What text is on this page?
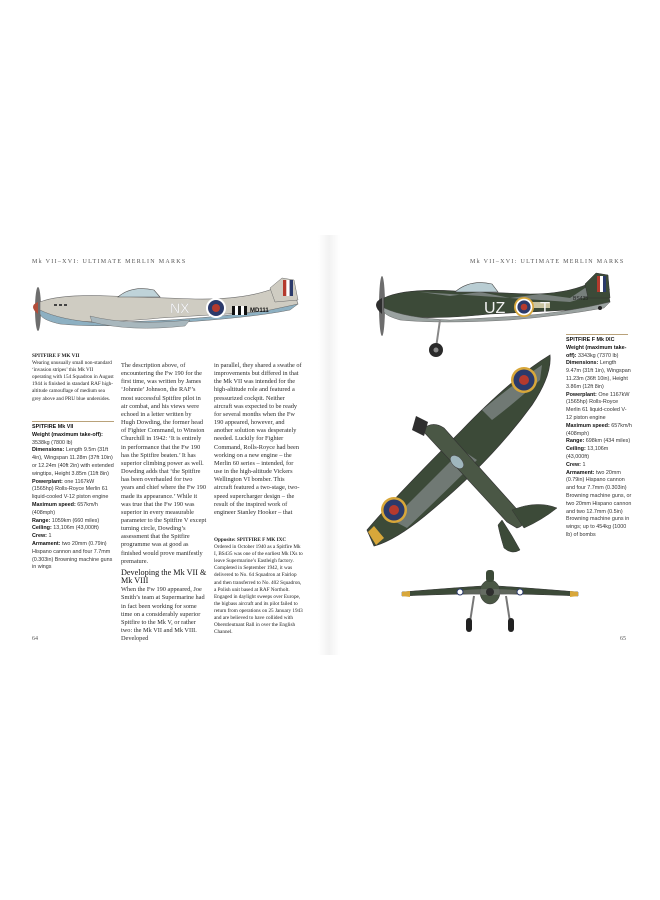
Mk VII–XVI: ULTIMATE MERLIN MARKS
NX	MD111
SPITFIRE F MK VII
Wearing unusually small non-standard ‘invasion stripes’ this Mk VII operating with 154 Squadron in August 1944 is finished in standard RAF high-altitude camouflage of medium sea grey above and PRU blue undersides.
SPITFIRE Mk VII
Weight (maximum take-off): 3538kg (7800 lb)
Dimensions: Length 9.5m (31ft 4in), Wingspan 11.28m (37ft 10in) or 12.24m (40ft 2in) with extended wingtips, Height 3.85m (11ft 8in)
Powerplant: one 1167kW (1565hp) Rolls-Royce Merlin 61 liquid-cooled V-12 piston engine
Maximum speed: 657km/h (408mph)
Range: 1059km (660 miles)
Ceiling: 13,106m (43,000ft)
Crew: 1
Armament: two 20mm (0.79in) Hispano cannon and four 7.7mm (0.303in) Browning machine guns in wings

The description above, of encountering the Fw 190 for the first time, was written by James ‘Johnnie’ Johnson, the RAF’s most successful Spitfire pilot in air combat, and his views were echoed in a letter written by Hugh Dowding, the former head of Fighter Command, to Winston Churchill in 1942: ‘It is entirely in performance that the Fw 190 has the Spitfire beaten.’ It has superior climbing power as well. Dowding adds that ‘the Spitfire has been overhauled for two years and chief where the Fw 190 made its appearance.’ While it was true that the Fw 190 was superior in every measurable parameter to the Spitfire V except turning circle, Dowding’s assessment that the Spitfire programme was at good as finished would prove manifestly premature.

Developing the Mk VII & Mk VIII

When the Fw 190 appeared, Joe Smith’s team at Supermarine had in fact been working for some time on a considerably superior Spitfire to the Mk V, or rather two: the Mk VII and Mk VIII. Developed

in parallel, they shared a swathe of improvements but differed in that the Mk VII was intended for the high-altitude role and featured a pressurized cockpit. Neither aircraft was expected to be ready for several months when the Fw 190 appeared, however, and another solution was desperately needed. Luckily for Fighter Command, Rolls-Royce had been working on a new engine – the Merlin 60 series – intended, for use in the high-altitude Vickers Wellington VI bomber. This aircraft featured a two-stage, two-speed supercharger design – the result of the inspired work of engineer Stanley Hooker – that

Opposite: SPITFIRE F MK IXC Ordered in October 1940 as a Spitfire Mk I, BS435 was one of the earliest Mk IXs to leave Supermarine’s Eastleigh factory. Completed in September 1942, it was delivered to No. 64 Squadron at Fairlop and then transferred to No. 402 Squadron, a Polish unit based at RAF Northolt. Engaged in daylight sweeps over Europe, the bigbass aircraft and its pilot failed to return from operations on 25 January 1943 and are believed to have collided with Oberstleutnant Rall in over the English Channel.
64
Mk VII–XVI: ULTIMATE MERLIN MARKS
UZ T
BS435
SPITFIRE F Mk IXC
Weight (maximum take-off): 3343kg (7370 lb)
Dimensions: Length 9.47m (31ft 1in), Wingspan 11.23m (36ft 10in), Height 3.86m (12ft 8in)
Powerplant: One 1167kW (1565hp) Rolls-Royce Merlin 61 liquid-cooled V-12 piston engine
Maximum speed: 657km/h (408mph)
Range: 698km (434 miles)
Ceiling: 13,106m (43,000ft)
Crew: 1
Armament: two 20mm (0.79in) Hispano cannon and four 7.7mm (0.303in) Browning machine guns, or two 20mm Hispano cannon and two 12.7mm (0.5in) Browning machine guns in wings; up to 454kg (1000 lb) of bombs
65
